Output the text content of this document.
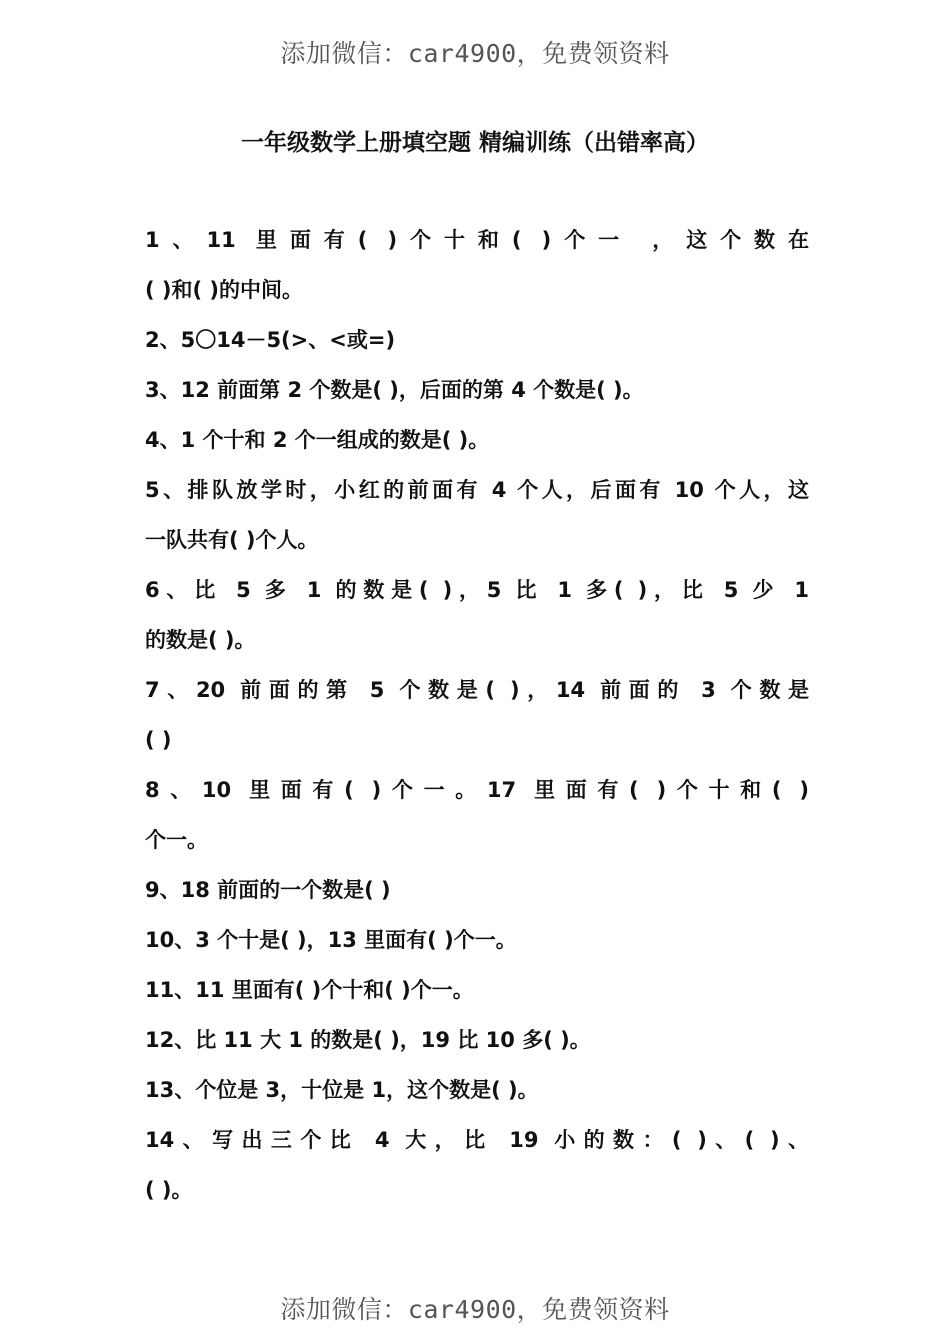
添加微信：car4900，免费领资料
一年级数学上册填空题 精编训练（出错率高）
1、11 里面有( )个十和( )个一 ，这个数在
( )和( )的中间。
2、5〇14－5(>、<或=)
3、12 前面第 2 个数是( )，后面的第 4 个数是( )。
4、1 个十和 2 个一组成的数是( )。
5、排队放学时，小红的前面有 4 个人，后面有 10 个人，这
一队共有( )个人。
6、比 5 多 1 的数是( )，5 比 1 多( )，比 5 少 1
的数是( )。
7、20 前面的第 5 个数是( )，14 前面的 3 个数是
( )
8、10 里面有( )个一。17 里面有( )个十和( )
个一。
9、18 前面的一个数是( )
10、3 个十是( )，13 里面有( )个一。
11、11 里面有( )个十和( )个一。
12、比 11 大 1 的数是( )，19 比 10 多( )。
13、个位是 3，十位是 1，这个数是( )。
14、写出三个比 4 大，比 19 小的数：( )、( )、
( )。
添加微信：car4900，免费领资料
